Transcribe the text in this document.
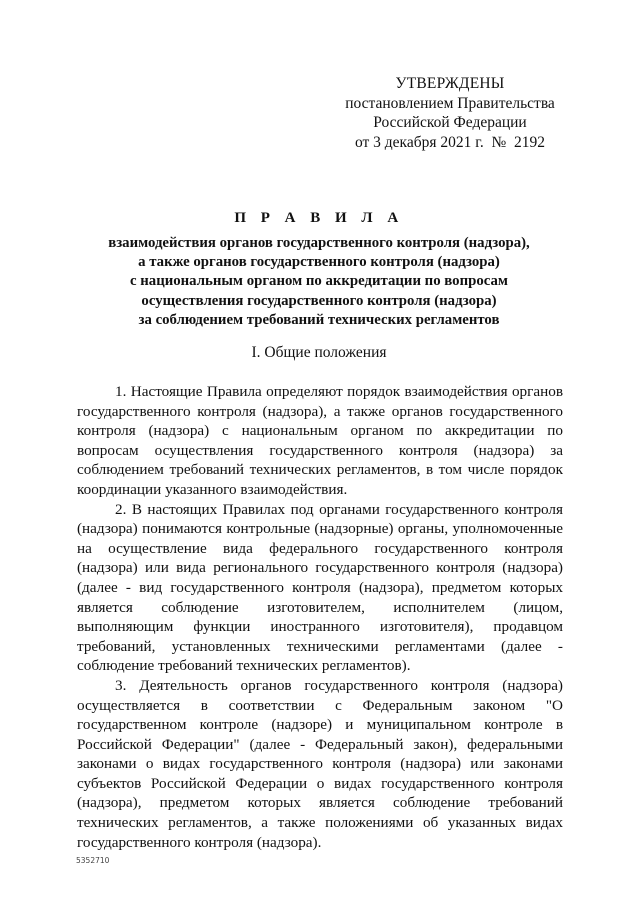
УТВЕРЖДЕНЫ
постановлением Правительства
Российской Федерации
от 3 декабря 2021 г.  №  2192
П Р А В И Л А
взаимодействия органов государственного контроля (надзора),
а также органов государственного контроля (надзора)
с национальным органом по аккредитации по вопросам
осуществления государственного контроля (надзора)
за соблюдением требований технических регламентов
I. Общие положения

1. Настоящие Правила определяют порядок взаимодействия органов государственного контроля (надзора), а также органов государственного контроля (надзора) с национальным органом по аккредитации по вопросам осуществления государственного контроля (надзора) за соблюдением требований технических регламентов, в том числе порядок координации указанного взаимодействия.

2. В настоящих Правилах под органами государственного контроля (надзора) понимаются контрольные (надзорные) органы, уполномоченные на осуществление вида федерального государственного контроля (надзора) или вида регионального государственного контроля (надзора) (далее - вид государственного контроля (надзора), предметом которых является соблюдение изготовителем, исполнителем (лицом, выполняющим функции иностранного изготовителя), продавцом требований, установленных техническими регламентами (далее - соблюдение требований технических регламентов).

3. Деятельность органов государственного контроля (надзора) осуществляется в соответствии с Федеральным законом "О государственном контроле (надзоре) и муниципальном контроле в Российской Федерации" (далее - Федеральный закон), федеральными законами о видах государственного контроля (надзора) или законами субъектов Российской Федерации о видах государственного контроля (надзора), предметом которых является соблюдение требований технических регламентов, а также положениями об указанных видах государственного контроля (надзора).

5352710
